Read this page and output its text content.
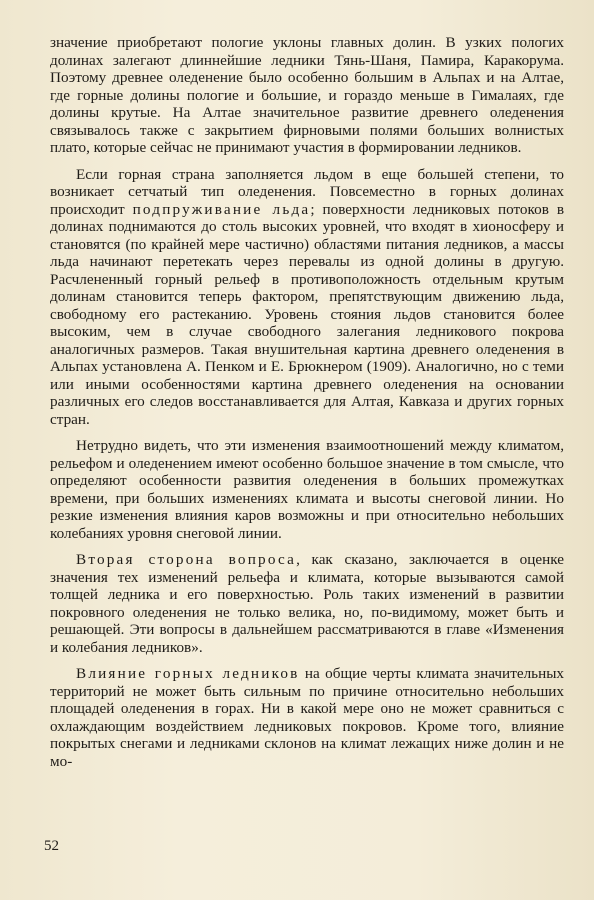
значение приобретают пологие уклоны главных долин. В узких пологих долинах залегают длиннейшие ледники Тянь-Шаня, Памира, Каракорума. Поэтому древнее оледенение было особенно большим в Альпах и на Алтае, где горные долины пологие и большие, и гораздо меньше в Гималаях, где долины крутые. На Алтае значительное развитие древнего оледенения связывалось также с закрытием фирновыми полями больших волнистых плато, которые сейчас не принимают участия в формировании ледников.

Если горная страна заполняется льдом в еще большей степени, то возникает сетчатый тип оледенения. Повсеместно в горных долинах происходит подпруживание льда; поверхности ледниковых потоков в долинах поднимаются до столь высоких уровней, что входят в хионосферу и становятся (по крайней мере частично) областями питания ледников, а массы льда начинают перетекать через перевалы из одной долины в другую. Расчлененный горный рельеф в противоположность отдельным крутым долинам становится теперь фактором, препятствующим движению льда, свободному его растеканию. Уровень стояния льдов становится более высоким, чем в случае свободного залегания ледникового покрова аналогичных размеров. Такая внушительная картина древнего оледенения в Альпах установлена А. Пенком и Е. Брюкнером (1909). Аналогично, но с теми или иными особенностями картина древнего оледенения на основании различных его следов восстанавливается для Алтая, Кавказа и других горных стран.

Нетрудно видеть, что эти изменения взаимоотношений между климатом, рельефом и оледенением имеют особенно большое значение в том смысле, что определяют особенности развития оледенения в больших промежутках времени, при больших изменениях климата и высоты снеговой линии. Но резкие изменения влияния каров возможны и при относительно небольших колебаниях уровня снеговой линии.

Вторая сторона вопроса, как сказано, заключается в оценке значения тех изменений рельефа и климата, которые вызываются самой толщей ледника и его поверхностью. Роль таких изменений в развитии покровного оледенения не только велика, но, по-видимому, может быть и решающей. Эти вопросы в дальнейшем рассматриваются в главе «Изменения и колебания ледников».

Влияние горных ледников на общие черты климата значительных территорий не может быть сильным по причине относительно небольших площадей оледенения в горах. Ни в какой мере оно не может сравниться с охлаждающим воздействием ледниковых покровов. Кроме того, влияние покрытых снегами и ледниками склонов на климат лежащих ниже долин и не мо-

52
